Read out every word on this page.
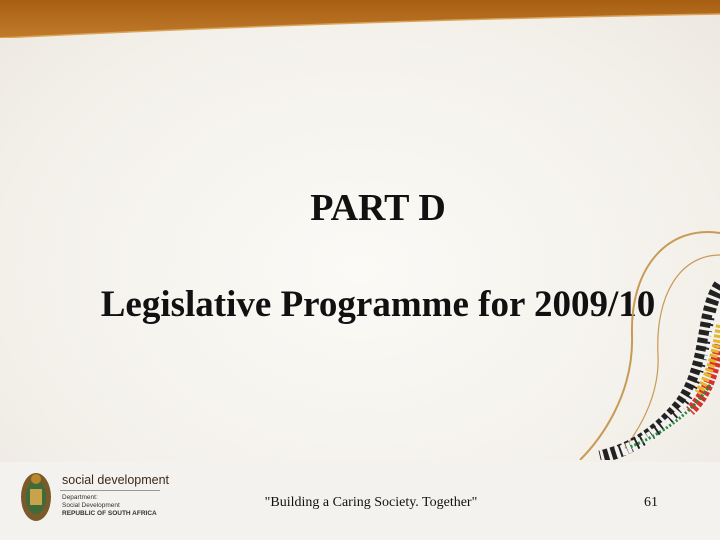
PART D
Legislative Programme for 2009/10
social development
Department:
Social Development
REPUBLIC OF SOUTH AFRICA
"Building a Caring Society. Together"	61
